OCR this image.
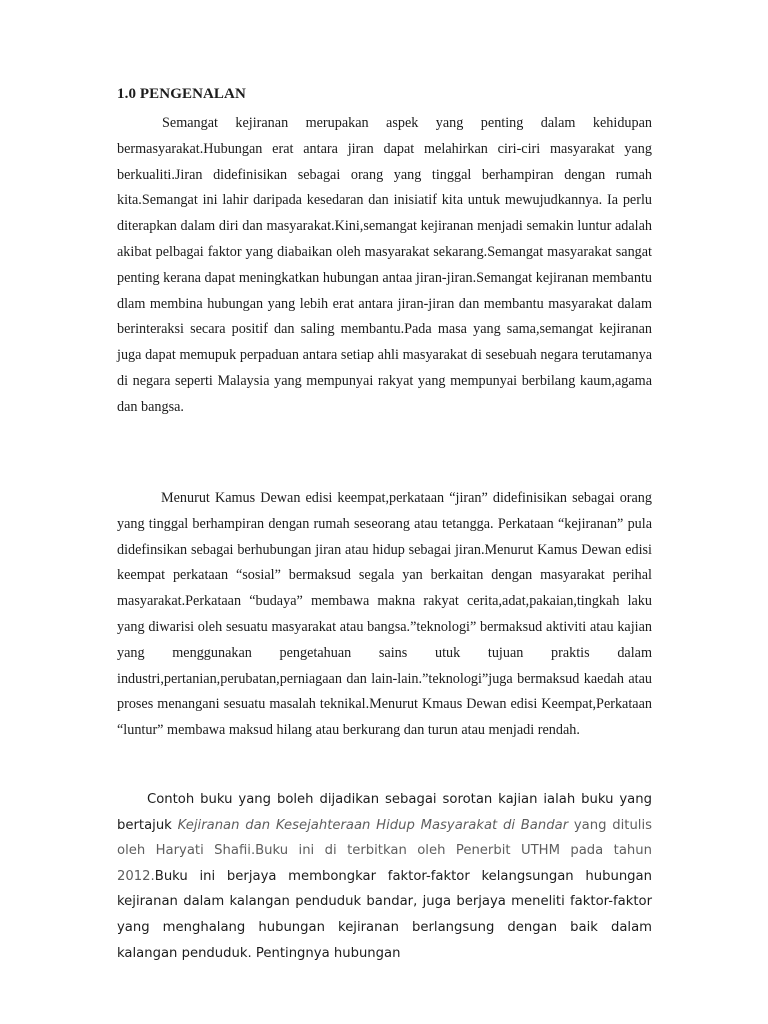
1.0 PENGENALAN

Semangat kejiranan merupakan aspek yang penting dalam kehidupan bermasyarakat.Hubungan erat antara jiran dapat melahirkan ciri-ciri masyarakat yang berkualiti.Jiran didefinisikan sebagai orang yang tinggal berhampiran dengan rumah kita.Semangat ini lahir daripada kesedaran dan inisiatif kita untuk mewujudkannya. Ia perlu diterapkan dalam diri dan masyarakat.Kini,semangat kejiranan menjadi semakin luntur adalah akibat pelbagai faktor yang diabaikan oleh masyarakat sekarang.Semangat masyarakat sangat penting kerana dapat meningkatkan hubungan antaa jiran-jiran.Semangat kejiranan membantu dlam membina hubungan yang lebih erat antara jiran-jiran dan membantu masyarakat dalam berinteraksi secara positif dan saling membantu.Pada masa yang sama,semangat kejiranan juga dapat memupuk perpaduan antara setiap ahli masyarakat di sesebuah negara terutamanya di negara seperti Malaysia yang mempunyai rakyat yang mempunyai berbilang kaum,agama dan bangsa.

Menurut Kamus Dewan edisi keempat,perkataan “jiran” didefinisikan sebagai orang yang tinggal berhampiran dengan rumah seseorang atau tetangga. Perkataan “kejiranan” pula didefinsikan sebagai berhubungan jiran atau hidup sebagai jiran.Menurut Kamus Dewan edisi keempat perkataan “sosial” bermaksud segala yan berkaitan dengan masyarakat perihal masyarakat.Perkataan “budaya” membawa makna rakyat cerita,adat,pakaian,tingkah laku yang diwarisi oleh sesuatu masyarakat atau bangsa.”teknologi” bermaksud aktiviti atau kajian yang menggunakan pengetahuan sains utuk tujuan praktis dalam industri,pertanian,perubatan,perniagaan dan lain-lain.”teknologi”juga bermaksud kaedah atau proses menangani sesuatu masalah teknikal.Menurut Kmaus Dewan edisi Keempat,Perkataan “luntur” membawa maksud hilang atau berkurang dan turun atau menjadi rendah.

Contoh buku yang boleh dijadikan sebagai sorotan kajian ialah buku yang bertajuk Kejiranan dan Kesejahteraan Hidup Masyarakat di Bandar yang ditulis oleh Haryati Shafii.Buku ini di terbitkan oleh Penerbit UTHM pada tahun 2012.Buku ini berjaya membongkar faktor-faktor kelangsungan hubungan kejiranan dalam kalangan penduduk bandar, juga berjaya meneliti faktor-faktor yang menghalang hubungan kejiranan berlangsung dengan baik dalam kalangan penduduk. Pentingnya hubungan
